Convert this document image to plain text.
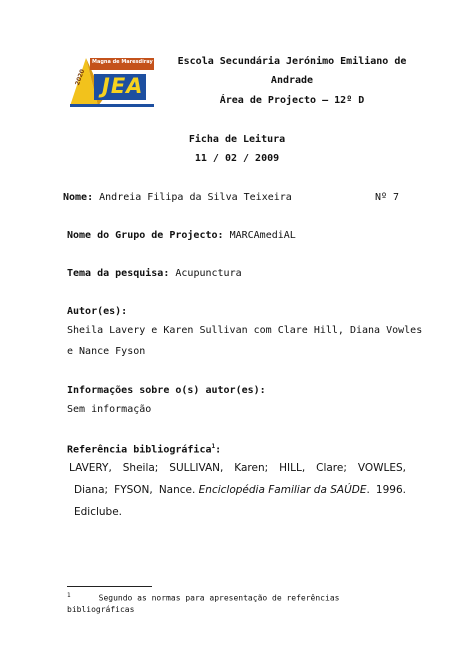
Magna de Maresdiray
JEA
2020
Escola Secundária Jerónimo Emiliano de
Andrade
Área de Projecto – 12º D
Ficha de Leitura
11 / 02 / 2009
Nome: Andreia Filipa da Silva Teixeira	Nº 7
Nome do Grupo de Projecto: MARCAmediAL
Tema da pesquisa: Acupunctura
Autor(es):
Sheila Lavery e Karen Sullivan com Clare Hill, Diana Vowles
e Nance Fyson
Informações sobre o(s) autor(es):
Sem informação
Referência bibliográfica$^1$:
LAVERY, Sheila; SULLIVAN, Karen; HILL, Clare; VOWLES,
Diana; FYSON, Nance. Enciclopédia Familiar da SAÚDE. 1996.
Ediclube.
$^1$	Segundo as normas para apresentação de referências
bibliográficas
